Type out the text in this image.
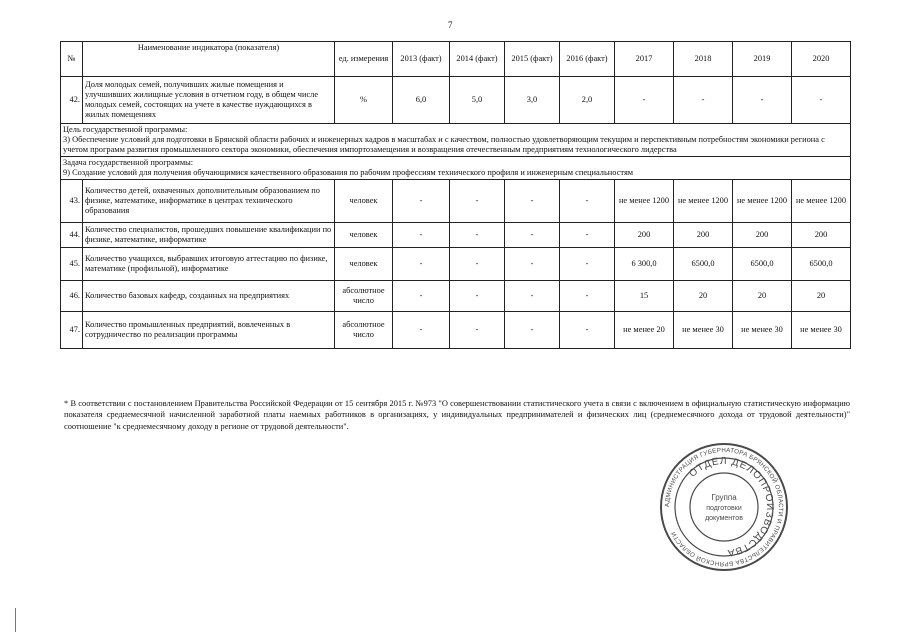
7
№	Наименование индикатора (показателя)	ед. измерения	2013 (факт)	2014 (факт)	2015 (факт)	2016 (факт)	2017	2018	2019	2020
42.	Доля молодых семей, получивших жилые помещения и улучшивших жилищные условия в отчетном году, в общем числе молодых семей, состоящих на учете в качестве нуждающихся в жилых помещениях	%	6,0	5,0	3,0	2,0	-	-	-	-

Цель государственной программы:
3) Обеспечение условий для подготовки в Брянской области рабочих и инженерных кадров в масштабах и с качеством, полностью удовлетворяющим текущим и перспективным потребностям экономики региона с учетом программ развития промышленного сектора экономики, обеспечения импортозамещения и возвращения отечественным предприятиям технологического лидерства										

Задача государственной программы:
9) Создание условий для получения обучающимися качественного образования по рабочим профессиям технического профиля и инженерным специальностям										

43.	Количество детей, охваченных дополнительным образованием по физике, математике, информатике в центрах технического образования	человек	-	-	-	-	не менее 1200	не менее 1200	не менее 1200	не менее 1200
44.	Количество специалистов, прошедших повышение квалификации по физике, математике, информатике	человек	-	-	-	-	200	200	200	200
45.	Количество учащихся, выбравших итоговую аттестацию по физике, математике (профильной), информатике	человек	-	-	-	-	6 300,0	6500,0	6500,0	6500,0
46.	Количество базовых кафедр, созданных на предприятиях	абсолютное число	-	-	-	-	15	20	20	20
47.	Количество промышленных предприятий, вовлеченных в сотрудничество по реализации программы	абсолютное число	-	-	-	-	не менее 20	не менее 30	не менее 30	не менее 30
* В соответствии с постановлением Правительства Российской Федерации от 15 сентября 2015 г. №973 "О совершенствовании статистического учета в связи с включением в официальную статистическую информацию показателя среднемесячной начисленной заработной платы наемных работников в организациях, у индивидуальных предпринимателей и физических лиц (среднемесячного дохода от трудовой деятельности)" соотношение "к среднемесячному доходу в регионе от трудовой деятельности".
АДМИНИСТРАЦИЯ ГУБЕРНАТОРА БРЯНСКОЙ ОБЛАСТИ И ПРАВИТЕЛЬСТВА БРЯНСКОЙ ОБЛАСТИ
ОТДЕЛ ДЕЛОПРОИЗВОДСТВА
Группа
подготовки
документов
